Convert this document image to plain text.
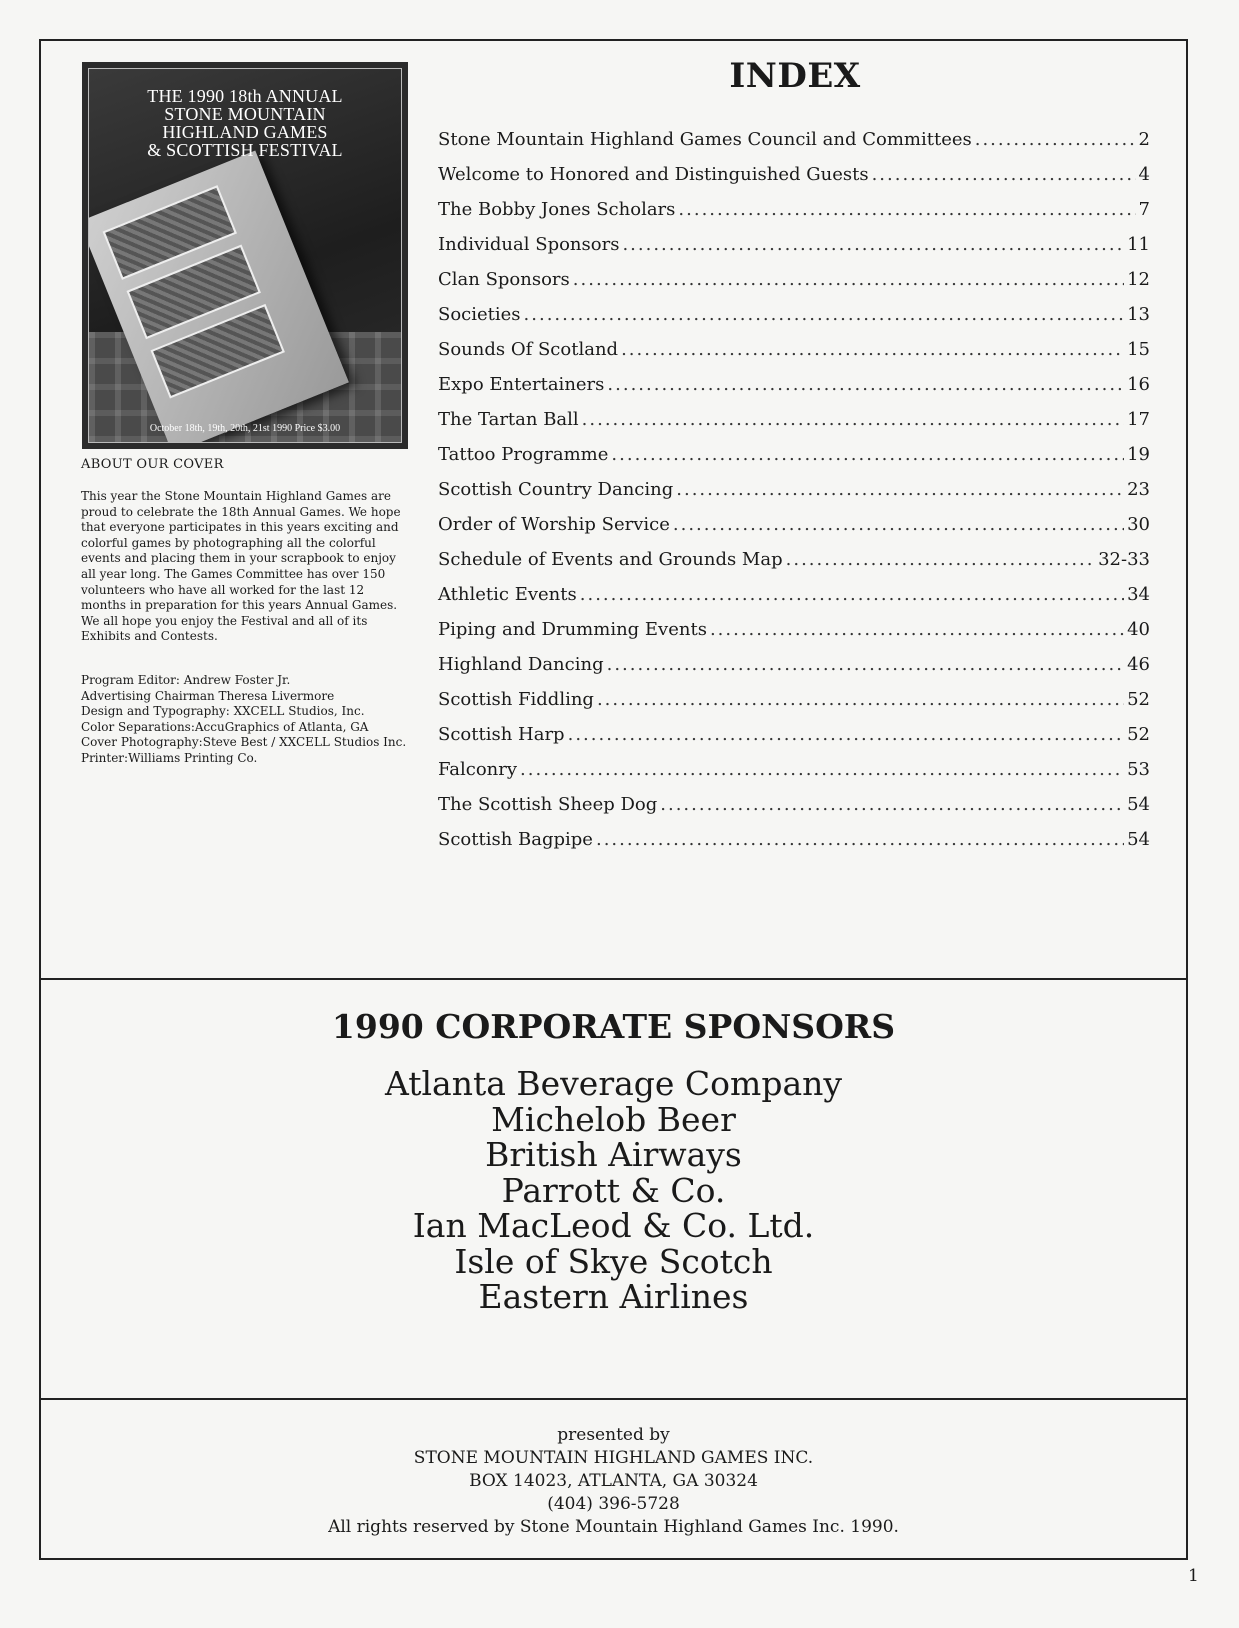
THE 1990 18th ANNUAL
STONE MOUNTAIN
HIGHLAND GAMES
& SCOTTISH FESTIVAL
October 18th, 19th, 20th, 21st 1990 Price $3.00
ABOUT OUR COVER
This year the Stone Mountain Highland Games are
proud to celebrate the 18th Annual Games. We hope
that everyone participates in this years exciting and
colorful games by photographing all the colorful
events and placing them in your scrapbook to enjoy
all year long. The Games Committee has over 150
volunteers who have all worked for the last 12
months in preparation for this years Annual Games.
We all hope you enjoy the Festival and all of its
Exhibits and Contests.
Program Editor: Andrew Foster Jr.
Advertising Chairman Theresa Livermore
Design and Typography: XXCELL Studios, Inc.
Color Separations:AccuGraphics of Atlanta, GA
Cover Photography:Steve Best / XXCELL Studios Inc.
Printer:Williams Printing Co.
INDEX
Stone Mountain Highland Games Council and Committees .....	2
Welcome to Honored and Distinguished Guests .....	4
The Bobby Jones Scholars .....	7
Individual Sponsors .....	11
Clan Sponsors .....	12
Societies .....	13
Sounds Of Scotland .....	15
Expo Entertainers .....	16
The Tartan Ball .....	17
Tattoo Programme .....	19
Scottish Country Dancing .....	23
Order of Worship Service .....	30
Schedule of Events and Grounds Map .....	32-33
Athletic Events .....	34
Piping and Drumming Events .....	40
Highland Dancing .....	46
Scottish Fiddling .....	52
Scottish Harp .....	52
Falconry .....	53
The Scottish Sheep Dog .....	54
Scottish Bagpipe .....	54
1990 CORPORATE SPONSORS
Atlanta Beverage Company
Michelob Beer
British Airways
Parrott & Co.
Ian MacLeod & Co. Ltd.
Isle of Skye Scotch
Eastern Airlines
presented by
STONE MOUNTAIN HIGHLAND GAMES INC.
BOX 14023, ATLANTA, GA 30324
(404) 396-5728
All rights reserved by Stone Mountain Highland Games Inc. 1990.
1
